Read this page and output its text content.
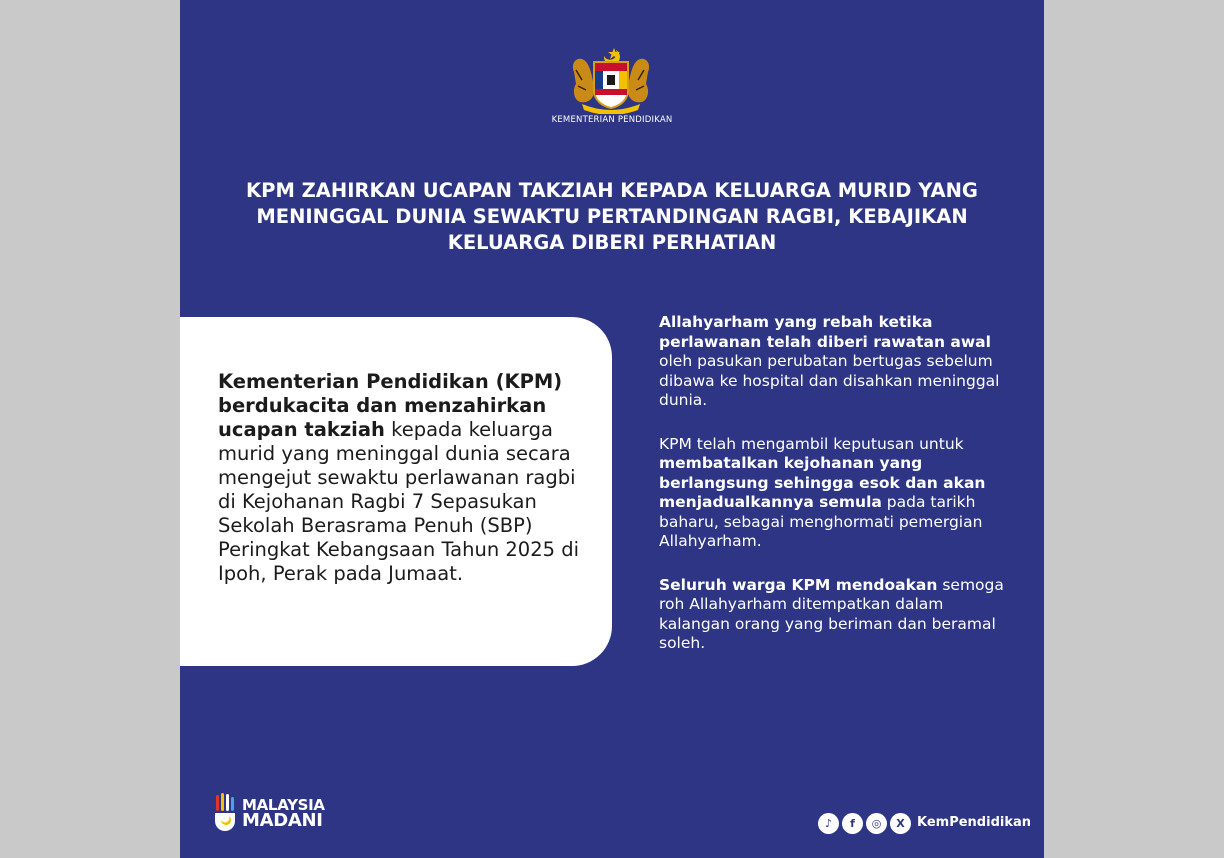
KEMENTERIAN PENDIDIKAN
KPM ZAHIRKAN UCAPAN TAKZIAH KEPADA KELUARGA MURID YANG
MENINGGAL DUNIA SEWAKTU PERTANDINGAN RAGBI, KEBAJIKAN
KELUARGA DIBERI PERHATIAN
Kementerian Pendidikan (KPM) berdukacita dan menzahirkan ucapan takziah kepada keluarga murid yang meninggal dunia secara mengejut sewaktu perlawanan ragbi di Kejohanan Ragbi 7 Sepasukan Sekolah Berasrama Penuh (SBP) Peringkat Kebangsaan Tahun 2025 di Ipoh, Perak pada Jumaat.

Allahyarham yang rebah ketika perlawanan telah diberi rawatan awal oleh pasukan perubatan bertugas sebelum dibawa ke hospital dan disahkan meninggal dunia.

KPM telah mengambil keputusan untuk membatalkan kejohanan yang berlangsung sehingga esok dan akan menjadualkannya semula pada tarikh baharu, sebagai menghormati pemergian Allahyarham.

Seluruh warga KPM mendoakan semoga roh Allahyarham ditempatkan dalam kalangan orang yang beriman dan beramal soleh.

MALAYSIA
MADANI	♪	f	◎	X KemPendidikan
